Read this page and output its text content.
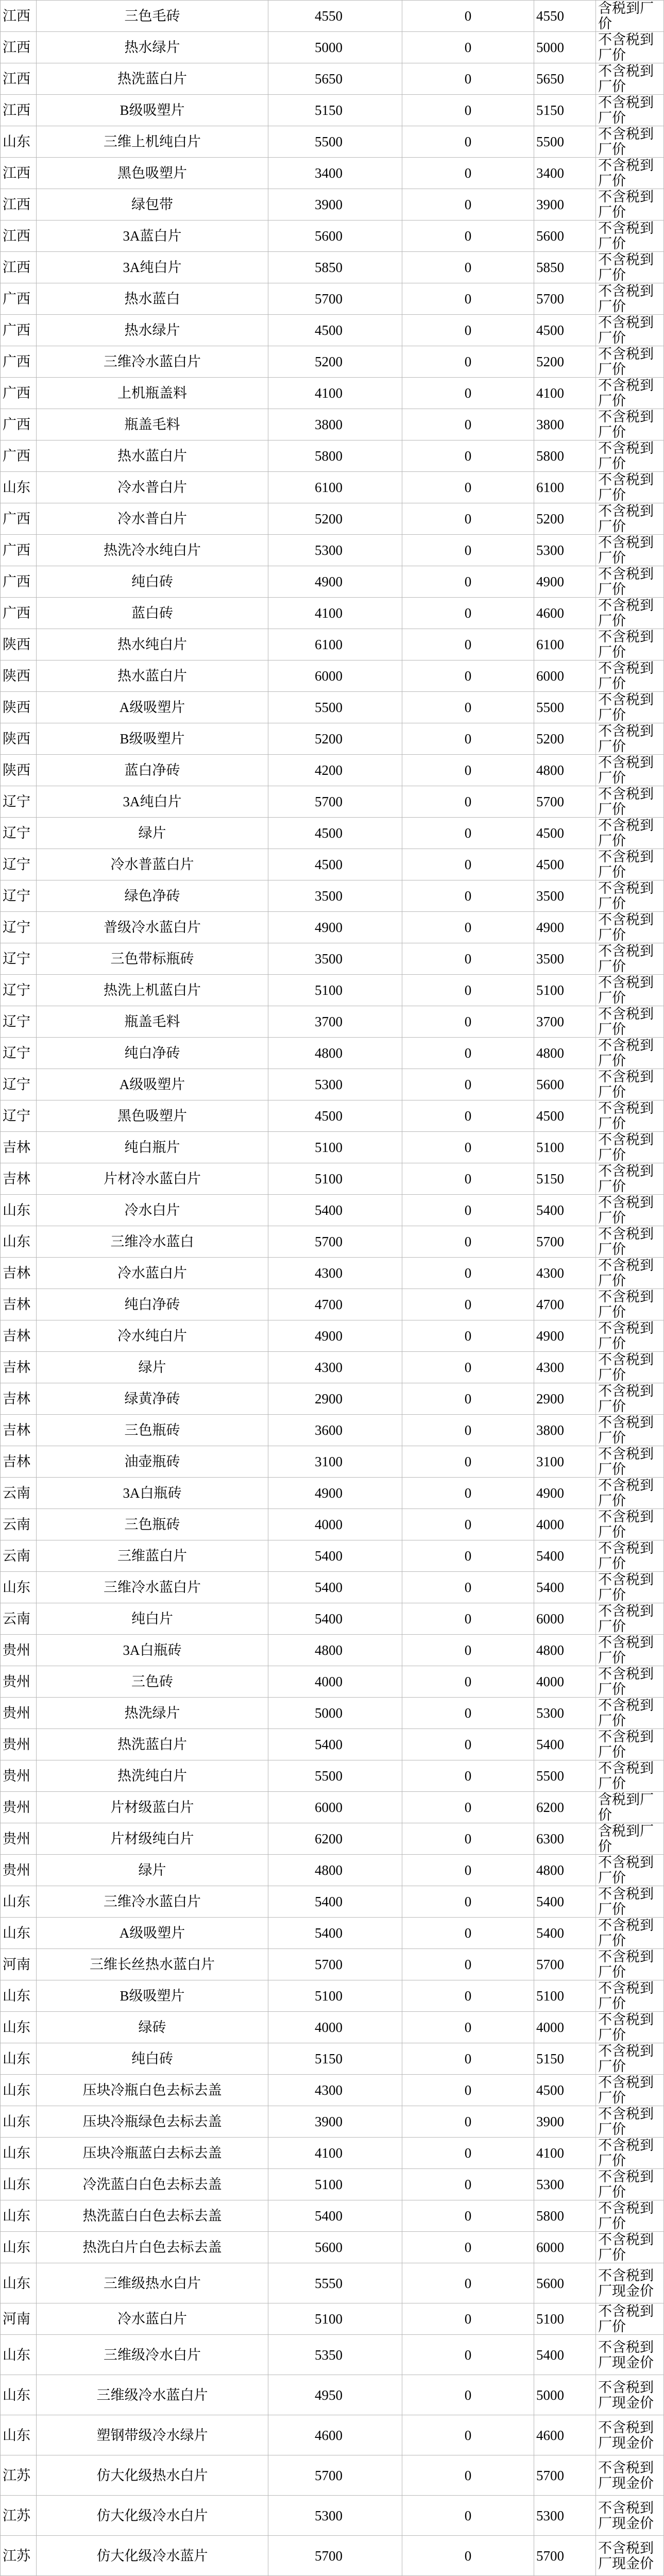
江西	三色毛砖	4550	0	4550	含税到厂价
江西	热水绿片	5000	0	5000	不含税到厂价
江西	热洗蓝白片	5650	0	5650	不含税到厂价
江西	B级吸塑片	5150	0	5150	不含税到厂价
山东	三维上机纯白片	5500	0	5500	不含税到厂价
江西	黑色吸塑片	3400	0	3400	不含税到厂价
江西	绿包带	3900	0	3900	不含税到厂价
江西	3A蓝白片	5600	0	5600	不含税到厂价
江西	3A纯白片	5850	0	5850	不含税到厂价
广西	热水蓝白	5700	0	5700	不含税到厂价
广西	热水绿片	4500	0	4500	不含税到厂价
广西	三维冷水蓝白片	5200	0	5200	不含税到厂价
广西	上机瓶盖料	4100	0	4100	不含税到厂价
广西	瓶盖毛料	3800	0	3800	不含税到厂价
广西	热水蓝白片	5800	0	5800	不含税到厂价
山东	冷水普白片	6100	0	6100	不含税到厂价
广西	冷水普白片	5200	0	5200	不含税到厂价
广西	热洗冷水纯白片	5300	0	5300	不含税到厂价
广西	纯白砖	4900	0	4900	不含税到厂价
广西	蓝白砖	4100	0	4600	不含税到厂价
陕西	热水纯白片	6100	0	6100	不含税到厂价
陕西	热水蓝白片	6000	0	6000	不含税到厂价
陕西	A级吸塑片	5500	0	5500	不含税到厂价
陕西	B级吸塑片	5200	0	5200	不含税到厂价
陕西	蓝白净砖	4200	0	4800	不含税到厂价
辽宁	3A纯白片	5700	0	5700	不含税到厂价
辽宁	绿片	4500	0	4500	不含税到厂价
辽宁	冷水普蓝白片	4500	0	4500	不含税到厂价
辽宁	绿色净砖	3500	0	3500	不含税到厂价
辽宁	普级冷水蓝白片	4900	0	4900	不含税到厂价
辽宁	三色带标瓶砖	3500	0	3500	不含税到厂价
辽宁	热洗上机蓝白片	5100	0	5100	不含税到厂价
辽宁	瓶盖毛料	3700	0	3700	不含税到厂价
辽宁	纯白净砖	4800	0	4800	不含税到厂价
辽宁	A级吸塑片	5300	0	5600	不含税到厂价
辽宁	黑色吸塑片	4500	0	4500	不含税到厂价
吉林	纯白瓶片	5100	0	5100	不含税到厂价
吉林	片材冷水蓝白片	5100	0	5150	不含税到厂价
山东	冷水白片	5400	0	5400	不含税到厂价
山东	三维冷水蓝白	5700	0	5700	不含税到厂价
吉林	冷水蓝白片	4300	0	4300	不含税到厂价
吉林	纯白净砖	4700	0	4700	不含税到厂价
吉林	冷水纯白片	4900	0	4900	不含税到厂价
吉林	绿片	4300	0	4300	不含税到厂价
吉林	绿黄净砖	2900	0	2900	不含税到厂价
吉林	三色瓶砖	3600	0	3800	不含税到厂价
吉林	油壶瓶砖	3100	0	3100	不含税到厂价
云南	3A白瓶砖	4900	0	4900	不含税到厂价
云南	三色瓶砖	4000	0	4000	不含税到厂价
云南	三维蓝白片	5400	0	5400	不含税到厂价
山东	三维冷水蓝白片	5400	0	5400	不含税到厂价
云南	纯白片	5400	0	6000	不含税到厂价
贵州	3A白瓶砖	4800	0	4800	不含税到厂价
贵州	三色砖	4000	0	4000	不含税到厂价
贵州	热洗绿片	5000	0	5300	不含税到厂价
贵州	热洗蓝白片	5400	0	5400	不含税到厂价
贵州	热洗纯白片	5500	0	5500	不含税到厂价
贵州	片材级蓝白片	6000	0	6200	含税到厂价
贵州	片材级纯白片	6200	0	6300	含税到厂价
贵州	绿片	4800	0	4800	不含税到厂价
山东	三维冷水蓝白片	5400	0	5400	不含税到厂价
山东	A级吸塑片	5400	0	5400	不含税到厂价
河南	三维长丝热水蓝白片	5700	0	5700	不含税到厂价
山东	B级吸塑片	5100	0	5100	不含税到厂价
山东	绿砖	4000	0	4000	不含税到厂价
山东	纯白砖	5150	0	5150	不含税到厂价
山东	压块冷瓶白色去标去盖	4300	0	4500	不含税到厂价
山东	压块冷瓶绿色去标去盖	3900	0	3900	不含税到厂价
山东	压块冷瓶蓝白去标去盖	4100	0	4100	不含税到厂价
山东	冷洗蓝白白色去标去盖	5100	0	5300	不含税到厂价
山东	热洗蓝白白色去标去盖	5400	0	5800	不含税到厂价
山东	热洗白片白色去标去盖	5600	0	6000	不含税到厂价
山东	三维级热水白片	5550	0	5600	不含税到厂现金价
河南	冷水蓝白片	5100	0	5100	不含税到厂价
山东	三维级冷水白片	5350	0	5400	不含税到厂现金价
山东	三维级冷水蓝白片	4950	0	5000	不含税到厂现金价
山东	塑钢带级冷水绿片	4600	0	4600	不含税到厂现金价
江苏	仿大化级热水白片	5700	0	5700	不含税到厂现金价
江苏	仿大化级冷水白片	5300	0	5300	不含税到厂现金价
江苏	仿大化级冷水蓝片	5700	0	5700	不含税到厂现金价
